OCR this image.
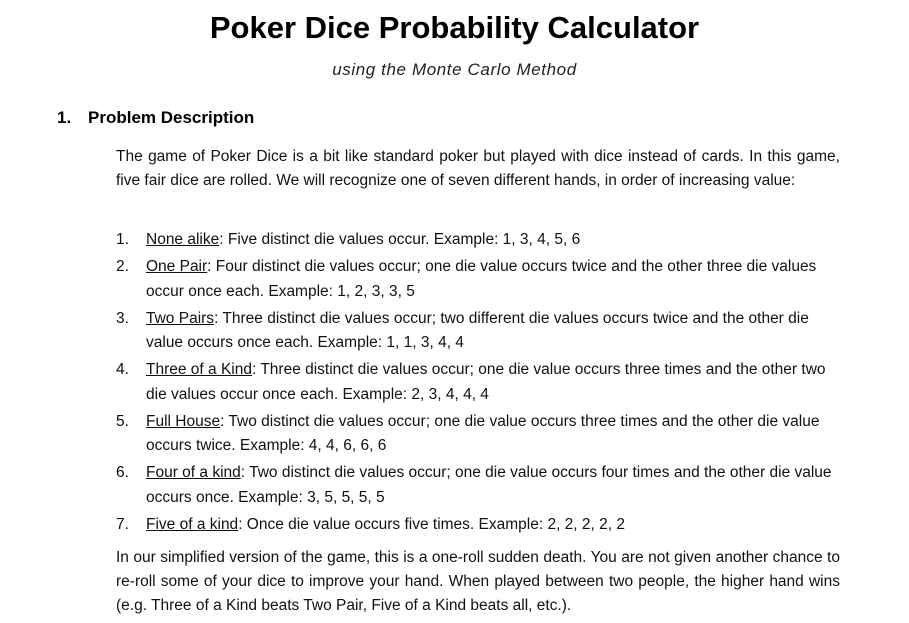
Poker Dice Probability Calculator
using the Monte Carlo Method
1. Problem Description
The game of Poker Dice is a bit like standard poker but played with dice instead of cards. In this game, five fair dice are rolled. We will recognize one of seven different hands, in order of increasing value:
1.	None alike: Five distinct die values occur. Example: 1, 3, 4, 5, 6
2.	One Pair: Four distinct die values occur; one die value occurs twice and the other three die values occur once each. Example: 1, 2, 3, 3, 5
3.	Two Pairs: Three distinct die values occur; two different die values occurs twice and the other die value occurs once each. Example: 1, 1, 3, 4, 4
4.	Three of a Kind: Three distinct die values occur; one die value occurs three times and the other two die values occur once each. Example: 2, 3, 4, 4, 4
5.	Full House: Two distinct die values occur; one die value occurs three times and the other die value occurs twice. Example: 4, 4, 6, 6, 6
6.	Four of a kind: Two distinct die values occur; one die value occurs four times and the other die value occurs once. Example: 3, 5, 5, 5, 5
7.	Five of a kind: Once die value occurs five times. Example: 2, 2, 2, 2, 2
In our simplified version of the game, this is a one-roll sudden death. You are not given another chance to re-roll some of your dice to improve your hand. When played between two people, the higher hand wins (e.g. Three of a Kind beats Two Pair, Five of a Kind beats all, etc.).
